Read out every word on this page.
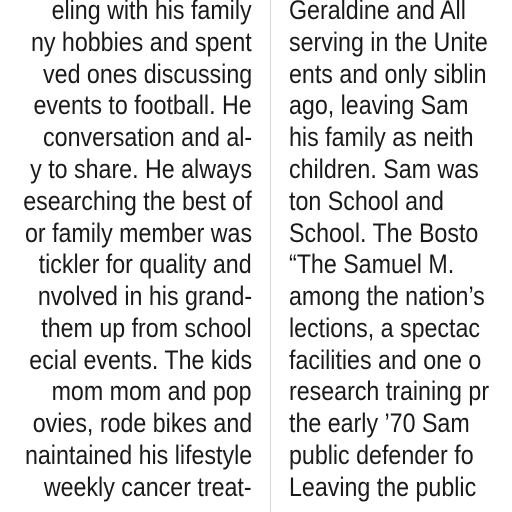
eling with his family
ny hobbies and spent
ved ones discussing
events to football. He
conversation and al-
y to share. He always
esearching the best of
or family member was
tickler for quality and
nvolved in his grand-
them up from school
ecial events. The kids
mom mom and pop
ovies, rode bikes and
naintained his lifestyle
weekly cancer treat-
Geraldine and All
serving in the Unite
ents and only siblin
ago, leaving Sam
his family as neith
children. Sam was
ton School and
School. The Bosto
“The Samuel M.
among the nation’s
lections, a spectac
facilities and one o
research training pr
the early ’70 Sam
public defender fo
Leaving the public
